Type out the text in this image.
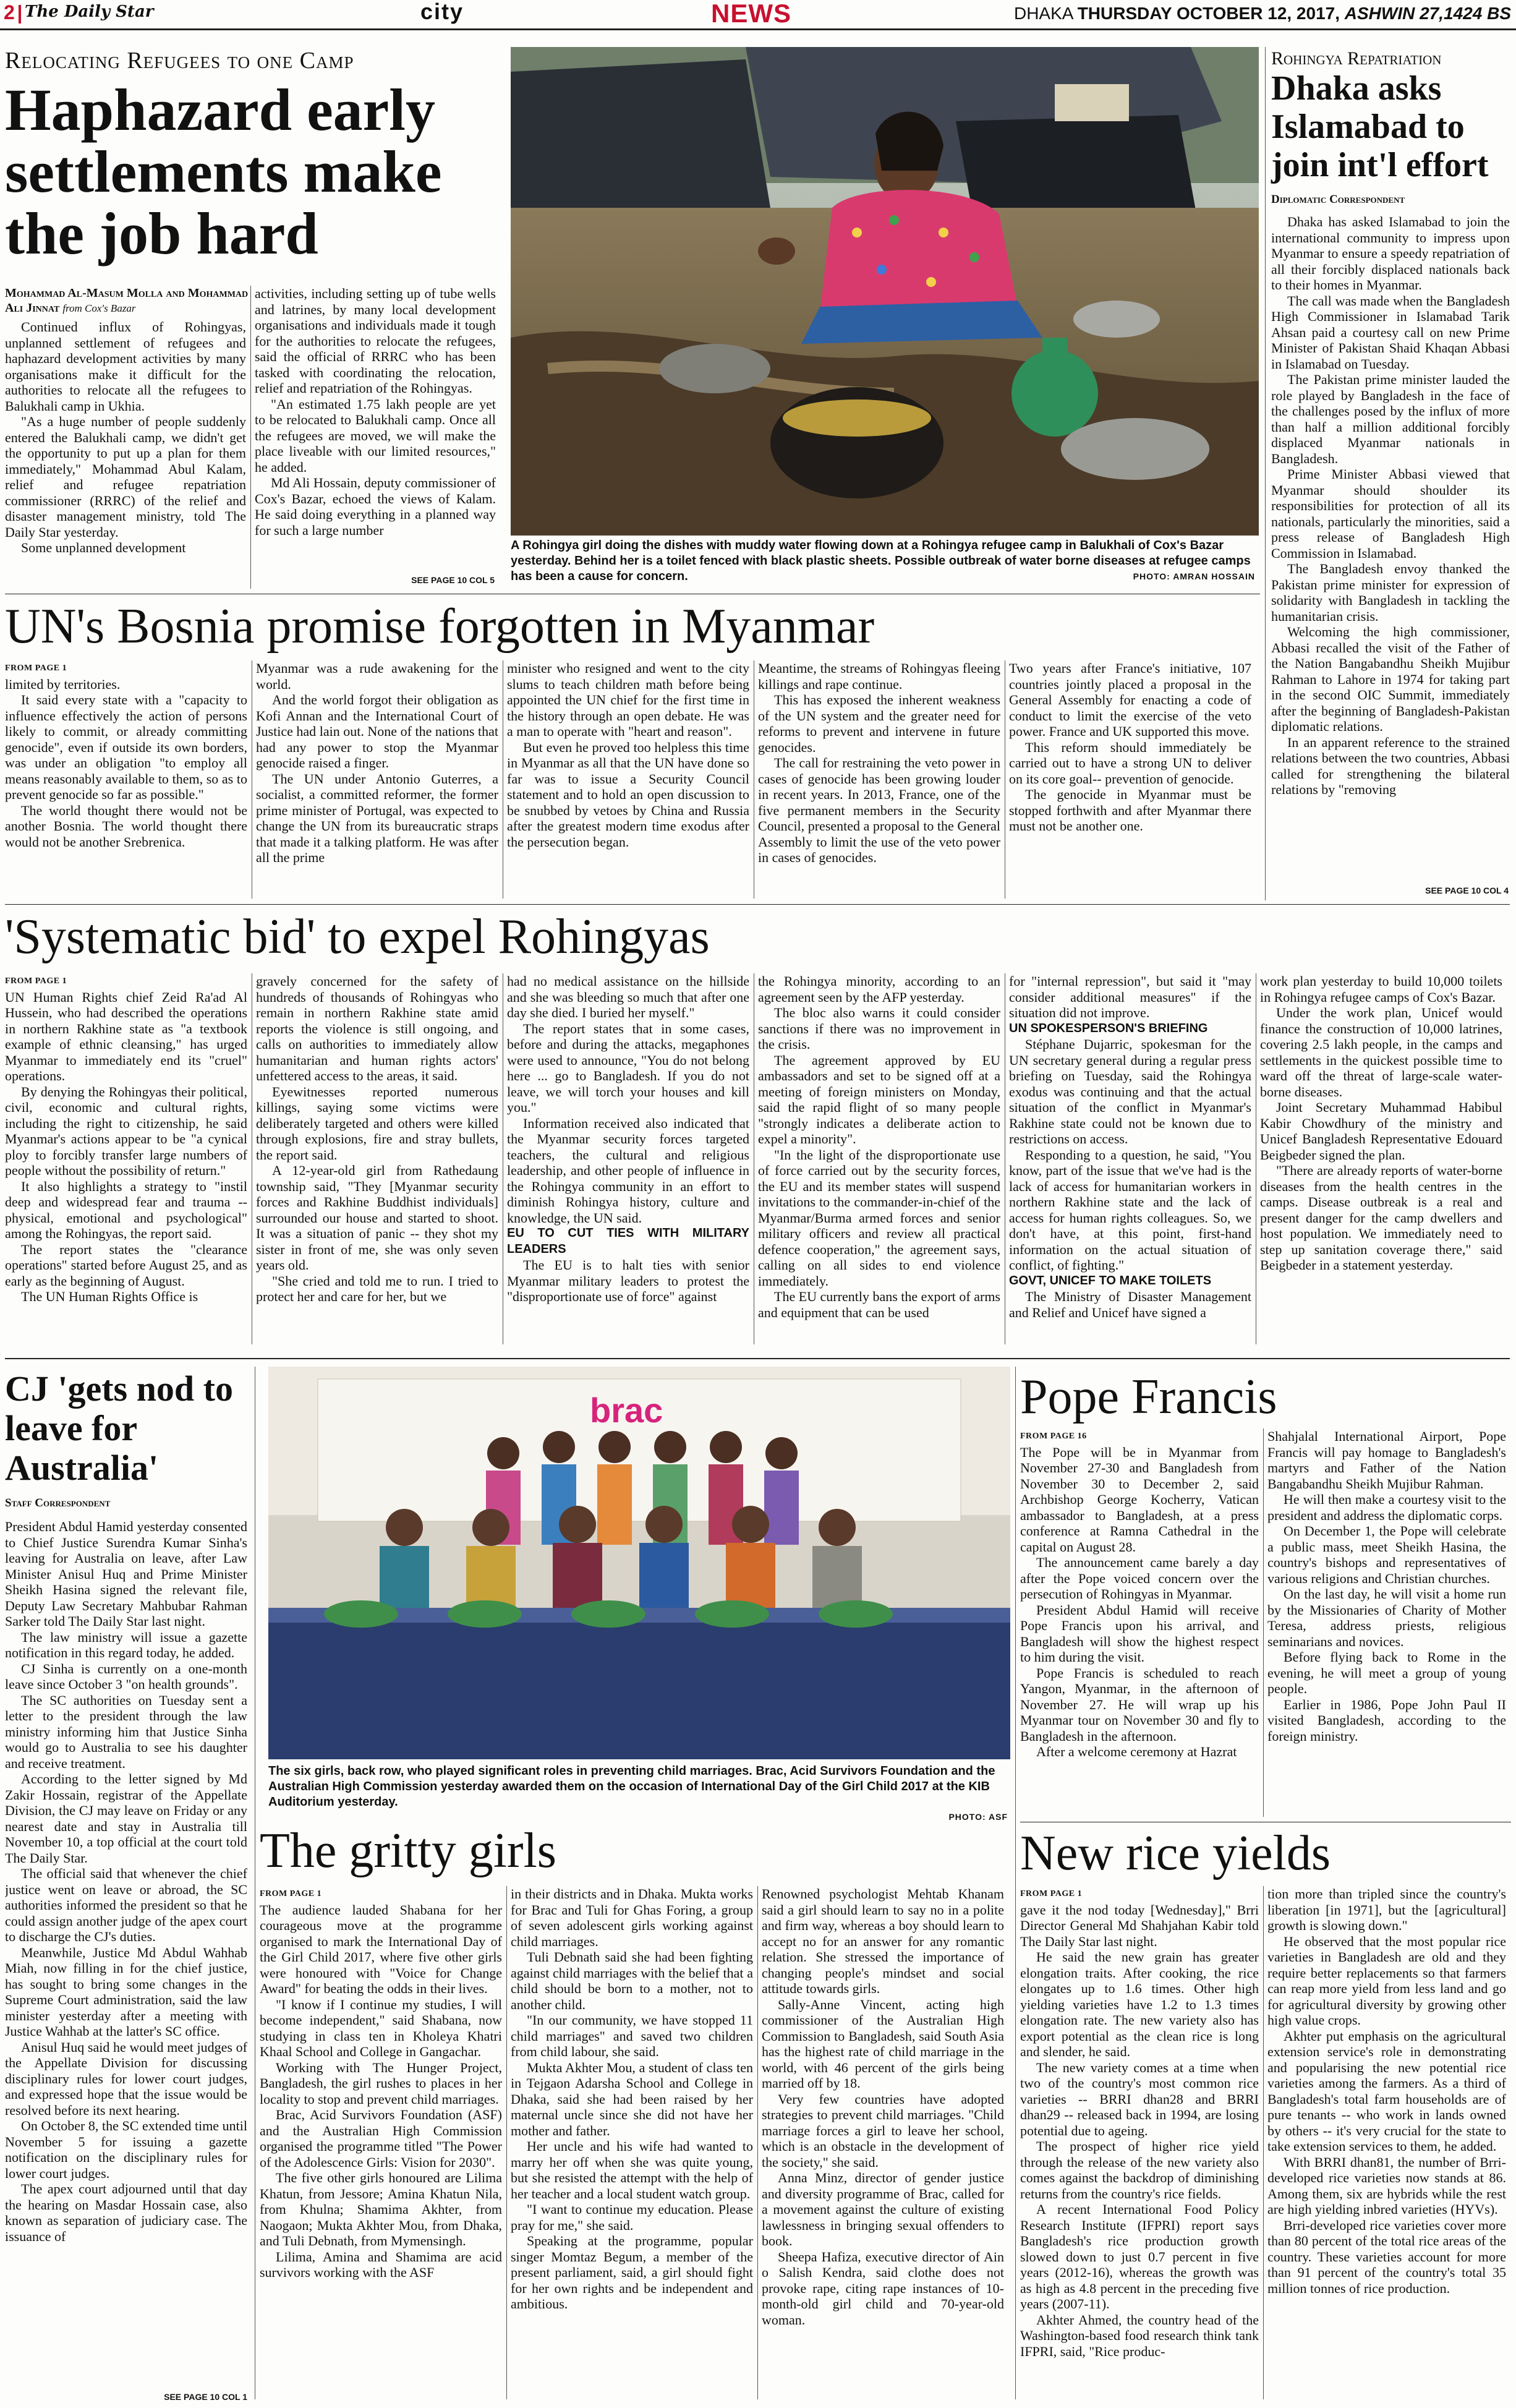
2 The Daily Star	city	NEWS	DHAKA THURSDAY OCTOBER 12, 2017, ASHWIN 27,1424 BS
Relocating Refugees to one Camp
Haphazard early settlements make the job hard
Mohammad Al-Masum Molla and Mohammad Ali Jinnat from Cox's Bazar

Continued influx of Rohingyas, unplanned settlement of refugees and haphazard development activities by many organisations make it difficult for the authorities to relocate all the refugees to Balukhali camp in Ukhia.

"As a huge number of people suddenly entered the Balukhali camp, we didn't get the opportunity to put up a plan for them immediately," Mohammad Abul Kalam, relief and refugee repatriation commissioner (RRRC) of the relief and disaster management ministry, told The Daily Star yesterday.

Some unplanned development

activities, including setting up of tube wells and latrines, by many local development organisations and individuals made it tough for the authorities to relocate the refugees, said the official of RRRC who has been tasked with coordinating the relocation, relief and repatriation of the Rohingyas.

"An estimated 1.75 lakh people are yet to be relocated to Balukhali camp. Once all the refugees are moved, we will make the place liveable with our limited resources," he added.

Md Ali Hossain, deputy commissioner of Cox's Bazar, echoed the views of Kalam. He said doing everything in a planned way for such a large number

SEE PAGE 10 COL 5
A Rohingya girl doing the dishes with muddy water flowing down at a Rohingya refugee camp in Balukhali of Cox's Bazar yesterday. Behind her is a toilet fenced with black plastic sheets. Possible outbreak of water borne diseases at refugee camps has been a cause for concern.	PHOTO: AMRAN HOSSAIN
Rohingya Repatriation
Dhaka asks Islamabad to join int'l effort
Diplomatic Correspondent

Dhaka has asked Islamabad to join the international community to impress upon Myanmar to ensure a speedy repatriation of all their forcibly displaced nationals back to their homes in Myanmar.

The call was made when the Bangladesh High Commissioner in Islamabad Tarik Ahsan paid a courtesy call on new Prime Minister of Pakistan Shaid Khaqan Abbasi in Islamabad on Tuesday.

The Pakistan prime minister lauded the role played by Bangladesh in the face of the challenges posed by the influx of more than half a million additional forcibly displaced Myanmar nationals in Bangladesh.

Prime Minister Abbasi viewed that Myanmar should shoulder its responsibilities for protection of all its nationals, particularly the minorities, said a press release of Bangladesh High Commission in Islamabad.

The Bangladesh envoy thanked the Pakistan prime minister for expression of solidarity with Bangladesh in tackling the humanitarian crisis.

Welcoming the high commissioner, Abbasi recalled the visit of the Father of the Nation Bangabandhu Sheikh Mujibur Rahman to Lahore in 1974 for taking part in the second OIC Summit, immediately after the beginning of Bangladesh-Pakistan diplomatic relations.

In an apparent reference to the strained relations between the two countries, Abbasi called for strengthening the bilateral relations by "removing

SEE PAGE 10 COL 4
UN's Bosnia promise forgotten in Myanmar
FROM PAGE 1

limited by territories.

It said every state with a "capacity to influence effectively the action of persons likely to commit, or already committing genocide", even if outside its own borders, was under an obligation "to employ all means reasonably available to them, so as to prevent genocide so far as possible."

The world thought there would not be another Bosnia. The world thought there would not be another Srebrenica.

Myanmar was a rude awakening for the world.

And the world forgot their obligation as Kofi Annan and the International Court of Justice had lain out. None of the nations that had any power to stop the Myanmar genocide raised a finger.

The UN under Antonio Guterres, a socialist, a committed reformer, the former prime minister of Portugal, was expected to change the UN from its bureaucratic straps that made it a talking platform. He was after all the prime

minister who resigned and went to the city slums to teach children math before being appointed the UN chief for the first time in the history through an open debate. He was a man to operate with "heart and reason".

But even he proved too helpless this time in Myanmar as all that the UN have done so far was to issue a Security Council statement and to hold an open discussion to be snubbed by vetoes by China and Russia after the greatest modern time exodus after the persecution began.

Meantime, the streams of Rohingyas fleeing killings and rape continue.

This has exposed the inherent weakness of the UN system and the greater need for reforms to prevent and intervene in future genocides.

The call for restraining the veto power in cases of genocide has been growing louder in recent years. In 2013, France, one of the five permanent members in the Security Council, presented a proposal to the General Assembly to limit the use of the veto power in cases of genocides.

Two years after France's initiative, 107 countries jointly placed a proposal in the General Assembly for enacting a code of conduct to limit the exercise of the veto power. France and UK supported this move.

This reform should immediately be carried out to have a strong UN to deliver on its core goal-- prevention of genocide.

The genocide in Myanmar must be stopped forthwith and after Myanmar there must not be another one.

'Systematic bid' to expel Rohingyas
FROM PAGE 1

UN Human Rights chief Zeid Ra'ad Al Hussein, who had described the operations in northern Rakhine state as "a textbook example of ethnic cleansing," has urged Myanmar to immediately end its "cruel" operations.

By denying the Rohingyas their political, civil, economic and cultural rights, including the right to citizenship, he said Myanmar's actions appear to be "a cynical ploy to forcibly transfer large numbers of people without the possibility of return."

It also highlights a strategy to "instil deep and widespread fear and trauma -- physical, emotional and psychological" among the Rohingyas, the report said.

The report states the "clearance operations" started before August 25, and as early as the beginning of August.

The UN Human Rights Office is

gravely concerned for the safety of hundreds of thousands of Rohingyas who remain in northern Rakhine state amid reports the violence is still ongoing, and calls on authorities to immediately allow humanitarian and human rights actors' unfettered access to the areas, it said.

Eyewitnesses reported numerous killings, saying some victims were deliberately targeted and others were killed through explosions, fire and stray bullets, the report said.

A 12-year-old girl from Rathedaung township said, "They [Myanmar security forces and Rakhine Buddhist individuals] surrounded our house and started to shoot. It was a situation of panic -- they shot my sister in front of me, she was only seven years old.

"She cried and told me to run. I tried to protect her and care for her, but we

had no medical assistance on the hillside and she was bleeding so much that after one day she died. I buried her myself."

The report states that in some cases, before and during the attacks, megaphones were used to announce, "You do not belong here ... go to Bangladesh. If you do not leave, we will torch your houses and kill you."

Information received also indicated that the Myanmar security forces targeted teachers, the cultural and religious leadership, and other people of influence in the Rohingya community in an effort to diminish Rohingya history, culture and knowledge, the UN said.

EU TO CUT TIES WITH MILITARY LEADERS

The EU is to halt ties with senior Myanmar military leaders to protest the "disproportionate use of force" against

the Rohingya minority, according to an agreement seen by the AFP yesterday.

The bloc also warns it could consider sanctions if there was no improvement in the crisis.

The agreement approved by EU ambassadors and set to be signed off at a meeting of foreign ministers on Monday, said the rapid flight of so many people "strongly indicates a deliberate action to expel a minority".

"In the light of the disproportionate use of force carried out by the security forces, the EU and its member states will suspend invitations to the commander-in-chief of the Myanmar/Burma armed forces and senior military officers and review all practical defence cooperation," the agreement says, calling on all sides to end violence immediately.

The EU currently bans the export of arms and equipment that can be used

for "internal repression", but said it "may consider additional measures" if the situation did not improve.

UN SPOKESPERSON'S BRIEFING

Stéphane Dujarric, spokesman for the UN secretary general during a regular press briefing on Tuesday, said the Rohingya exodus was continuing and that the actual situation of the conflict in Myanmar's Rakhine state could not be known due to restrictions on access.

Responding to a question, he said, "You know, part of the issue that we've had is the lack of access for humanitarian workers in northern Rakhine state and the lack of access for human rights colleagues. So, we don't have, at this point, first-hand information on the actual situation of conflict, of fighting."

GOVT, UNICEF TO MAKE TOILETS

The Ministry of Disaster Management and Relief and Unicef have signed a

work plan yesterday to build 10,000 toilets in Rohingya refugee camps of Cox's Bazar.

Under the work plan, Unicef would finance the construction of 10,000 latrines, covering 2.5 lakh people, in the camps and settlements in the quickest possible time to ward off the threat of large-scale water-borne diseases.

Joint Secretary Muhammad Habibul Kabir Chowdhury of the ministry and Unicef Bangladesh Representative Edouard Beigbeder signed the plan.

"There are already reports of water-borne diseases from the health centres in the camps. Disease outbreak is a real and present danger for the camp dwellers and host population. We immediately need to step up sanitation coverage there," said Beigbeder in a statement yesterday.

CJ 'gets nod to leave for Australia'
Staff Correspondent

President Abdul Hamid yesterday consented to Chief Justice Surendra Kumar Sinha's leaving for Australia on leave, after Law Minister Anisul Huq and Prime Minister Sheikh Hasina signed the relevant file, Deputy Law Secretary Mahbubar Rahman Sarker told The Daily Star last night.

The law ministry will issue a gazette notification in this regard today, he added.

CJ Sinha is currently on a one-month leave since October 3 "on health grounds".

The SC authorities on Tuesday sent a letter to the president through the law ministry informing him that Justice Sinha would go to Australia to see his daughter and receive treatment.

According to the letter signed by Md Zakir Hossain, registrar of the Appellate Division, the CJ may leave on Friday or any nearest date and stay in Australia till November 10, a top official at the court told The Daily Star.

The official said that whenever the chief justice went on leave or abroad, the SC authorities informed the president so that he could assign another judge of the apex court to discharge the CJ's duties.

Meanwhile, Justice Md Abdul Wahhab Miah, now filling in for the chief justice, has sought to bring some changes in the Supreme Court administration, said the law minister yesterday after a meeting with Justice Wahhab at the latter's SC office.

Anisul Huq said he would meet judges of the Appellate Division for discussing disciplinary rules for lower court judges, and expressed hope that the issue would be resolved before its next hearing.

On October 8, the SC extended time until November 5 for issuing a gazette notification on the disciplinary rules for lower court judges.

The apex court adjourned until that day the hearing on Masdar Hossain case, also known as separation of judiciary case. The issuance of

SEE PAGE 10 COL 1
brac
The six girls, back row, who played significant roles in preventing child marriages. Brac, Acid Survivors Foundation and the Australian High Commission yesterday awarded them on the occasion of International Day of the Girl Child 2017 at the KIB Auditorium yesterday.
PHOTO: ASF
The gritty girls
FROM PAGE 1

The audience lauded Shabana for her courageous move at the programme organised to mark the International Day of the Girl Child 2017, where five other girls were honoured with "Voice for Change Award" for beating the odds in their lives.

"I know if I continue my studies, I will become independent," said Shabana, now studying in class ten in Kholeya Khatri Khaal School and College in Gangachar.

Working with The Hunger Project, Bangladesh, the girl rushes to places in her locality to stop and prevent child marriages.

Brac, Acid Survivors Foundation (ASF) and the Australian High Commission organised the programme titled "The Power of the Adolescence Girls: Vision for 2030".

The five other girls honoured are Lilima Khatun, from Jessore; Amina Khatun Nila, from Khulna; Shamima Akhter, from Naogaon; Mukta Akhter Mou, from Dhaka, and Tuli Debnath, from Mymensingh.

Lilima, Amina and Shamima are acid survivors working with the ASF

in their districts and in Dhaka. Mukta works for Brac and Tuli for Ghas Foring, a group of seven adolescent girls working against child marriages.

Tuli Debnath said she had been fighting against child marriages with the belief that a child should be born to a mother, not to another child.

"In our community, we have stopped 11 child marriages" and saved two children from child labour, she said.

Mukta Akhter Mou, a student of class ten in Tejgaon Adarsha School and College in Dhaka, said she had been raised by her maternal uncle since she did not have her mother and father.

Her uncle and his wife had wanted to marry her off when she was quite young, but she resisted the attempt with the help of her teacher and a local student watch group.

"I want to continue my education. Please pray for me," she said.

Speaking at the programme, popular singer Momtaz Begum, a member of the present parliament, said, a girl should fight for her own rights and be independent and ambitious.

Renowned psychologist Mehtab Khanam said a girl should learn to say no in a polite and firm way, whereas a boy should learn to accept no for an answer for any romantic relation. She stressed the importance of changing people's mindset and social attitude towards girls.

Sally-Anne Vincent, acting high commissioner of the Australian High Commission to Bangladesh, said South Asia has the highest rate of child marriage in the world, with 46 percent of the girls being married off by 18.

Very few countries have adopted strategies to prevent child marriages. "Child marriage forces a girl to leave her school, which is an obstacle in the development of the society," she said.

Anna Minz, director of gender justice and diversity programme of Brac, called for a movement against the culture of existing lawlessness in bringing sexual offenders to book.

Sheepa Hafiza, executive director of Ain o Salish Kendra, said clothe does not provoke rape, citing rape instances of 10-month-old girl child and 70-year-old woman.

Pope Francis
FROM PAGE 16

The Pope will be in Myanmar from November 27-30 and Bangladesh from November 30 to December 2, said Archbishop George Kocherry, Vatican ambassador to Bangladesh, at a press conference at Ramna Cathedral in the capital on August 28.

The announcement came barely a day after the Pope voiced concern over the persecution of Rohingyas in Myanmar.

President Abdul Hamid will receive Pope Francis upon his arrival, and Bangladesh will show the highest respect to him during the visit.

Pope Francis is scheduled to reach Yangon, Myanmar, in the afternoon of November 27. He will wrap up his Myanmar tour on November 30 and fly to Bangladesh in the afternoon.

After a welcome ceremony at Hazrat

Shahjalal International Airport, Pope Francis will pay homage to Bangladesh's martyrs and Father of the Nation Bangabandhu Sheikh Mujibur Rahman.

He will then make a courtesy visit to the president and address the diplomatic corps.

On December 1, the Pope will celebrate a public mass, meet Sheikh Hasina, the country's bishops and representatives of various religions and Christian churches.

On the last day, he will visit a home run by the Missionaries of Charity of Mother Teresa, address priests, religious seminarians and novices.

Before flying back to Rome in the evening, he will meet a group of young people.

Earlier in 1986, Pope John Paul II visited Bangladesh, according to the foreign ministry.

New rice yields
FROM PAGE 1

gave it the nod today [Wednesday]," Brri Director General Md Shahjahan Kabir told The Daily Star last night.

He said the new grain has greater elongation traits. After cooking, the rice elongates up to 1.6 times. Other high yielding varieties have 1.2 to 1.3 times elongation rate. The new variety also has export potential as the clean rice is long and slender, he said.

The new variety comes at a time when two of the country's most common rice varieties -- BRRI dhan28 and BRRI dhan29 -- released back in 1994, are losing potential due to ageing.

The prospect of higher rice yield through the release of the new variety also comes against the backdrop of diminishing returns from the country's rice fields.

A recent International Food Policy Research Institute (IFPRI) report says Bangladesh's rice production growth slowed down to just 0.7 percent in five years (2012-16), whereas the growth was as high as 4.8 percent in the preceding five years (2007-11).

Akhter Ahmed, the country head of the Washington-based food research think tank IFPRI, said, "Rice produc-

tion more than tripled since the country's liberation [in 1971], but the [agricultural] growth is slowing down."

He observed that the most popular rice varieties in Bangladesh are old and they require better replacements so that farmers can reap more yield from less land and go for agricultural diversity by growing other high value crops.

Akhter put emphasis on the agricultural extension service's role in demonstrating and popularising the new potential rice varieties among the farmers. As a third of Bangladesh's total farm households are of pure tenants -- who work in lands owned by others -- it's very crucial for the state to take extension services to them, he added.

With BRRI dhan81, the number of Brri-developed rice varieties now stands at 86. Among them, six are hybrids while the rest are high yielding inbred varieties (HYVs).

Brri-developed rice varieties cover more than 80 percent of the total rice areas of the country. These varieties account for more than 91 percent of the country's total 35 million tonnes of rice production.
